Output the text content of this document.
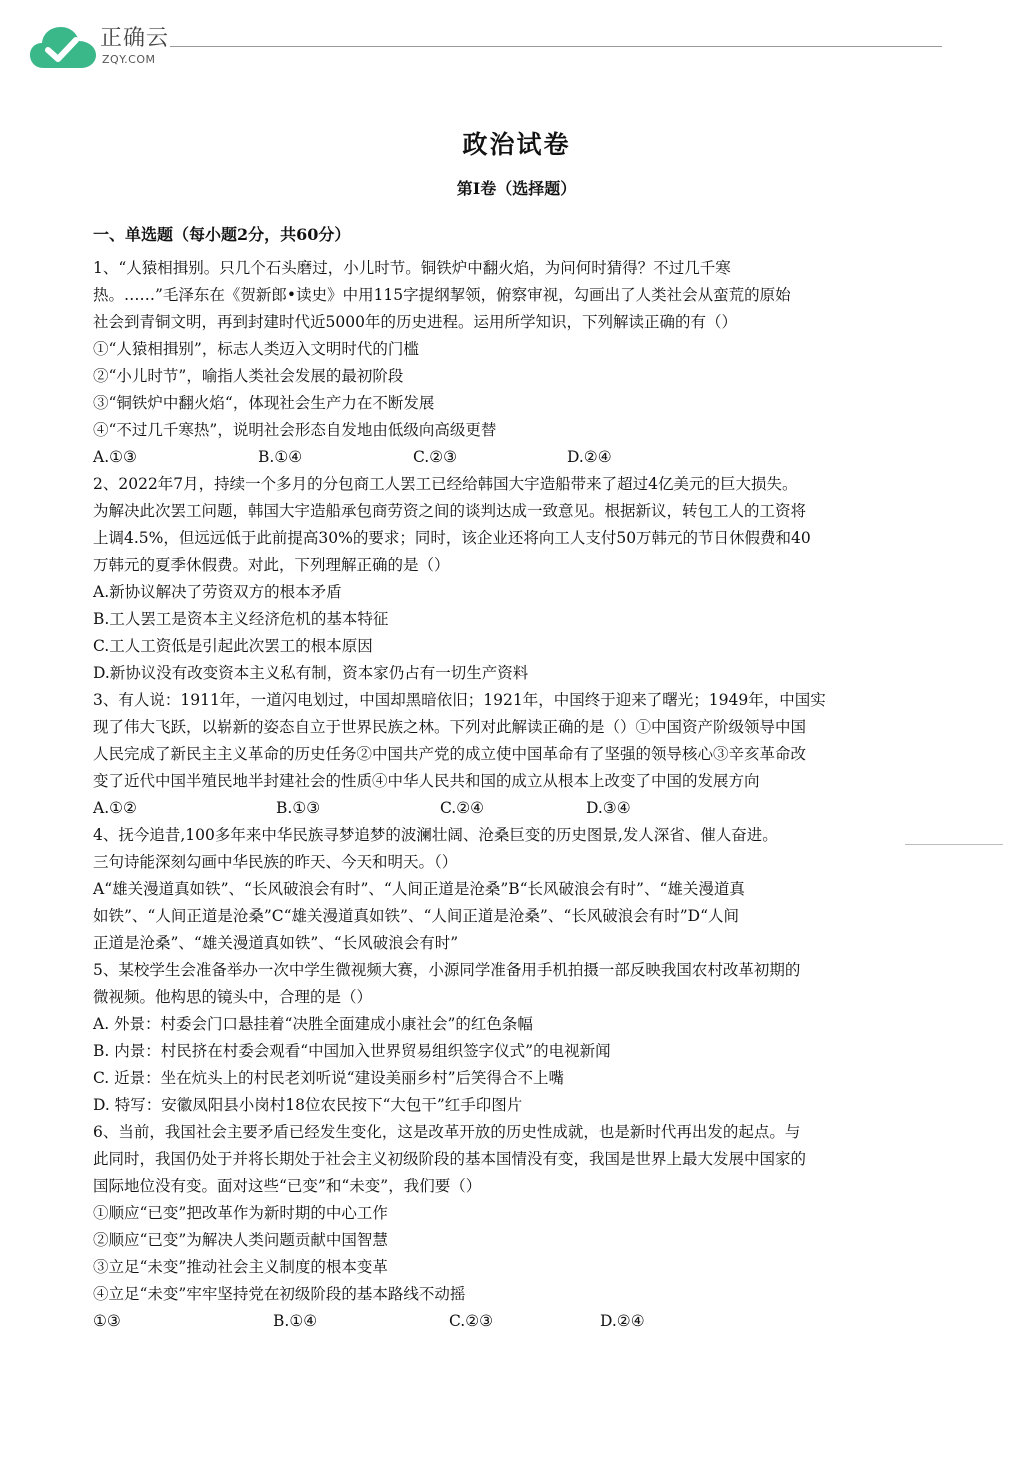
正确云
ZQY.COM
政治试卷
第Ⅰ卷（选择题）
一、单选题（每小题2分，共60分）
1、“人猿相揖别。只几个石头磨过，小儿时节。铜铁炉中翻火焰，为问何时猜得？不过几千寒
热。……”毛泽东在《贺新郎•读史》中用115字提纲挈领，俯察审视，勾画出了人类社会从蛮荒的原始
社会到青铜文明，再到封建时代近5000年的历史进程。运用所学知识，下列解读正确的有（）
①“人猿相揖别”，标志人类迈入文明时代的门槛
②“小儿时节”，喻指人类社会发展的最初阶段
③“铜铁炉中翻火焰“，体现社会生产力在不断发展
④“不过几千寒热”，说明社会形态自发地由低级向高级更替
A.①③	B.①④	C.②③	D.②④
2、2022年7月，持续一个多月的分包商工人罢工已经给韩国大宇造船带来了超过4亿美元的巨大损失。
为解决此次罢工问题，韩国大宇造船承包商劳资之间的谈判达成一致意见。根据新议，转包工人的工资将
上调4.5%，但远远低于此前提高30%的要求；同时，该企业还将向工人支付50万韩元的节日休假费和40
万韩元的夏季休假费。对此，下列理解正确的是（）
A.新协议解决了劳资双方的根本矛盾
B.工人罢工是资本主义经济危机的基本特征
C.工人工资低是引起此次罢工的根本原因
D.新协议没有改变资本主义私有制，资本家仍占有一切生产资料
3、有人说：1911年，一道闪电划过，中国却黑暗依旧；1921年，中国终于迎来了曙光；1949年，中国实
现了伟大飞跃，以崭新的姿态自立于世界民族之林。下列对此解读正确的是（）①中国资产阶级领导中国
人民完成了新民主主义革命的历史任务②中国共产党的成立使中国革命有了坚强的领导核心③辛亥革命改
变了近代中国半殖民地半封建社会的性质④中华人民共和国的成立从根本上改变了中国的发展方向
A.①②	B.①③	C.②④	D.③④
4、抚今追昔,100多年来中华民族寻梦追梦的波澜壮阔、沧桑巨变的历史图景,发人深省、催人奋进。
三句诗能深刻勾画中华民族的昨天、今天和明天。（）
A“雄关漫道真如铁”、“长风破浪会有时”、“人间正道是沧桑”B“长风破浪会有时”、“雄关漫道真
如铁”、“人间正道是沧桑”C“雄关漫道真如铁”、“人间正道是沧桑”、“长风破浪会有时”D“人间
正道是沧桑”、“雄关漫道真如铁”、“长风破浪会有时”
5、某校学生会准备举办一次中学生微视频大赛，小源同学准备用手机拍摄一部反映我国农村改革初期的
微视频。他构思的镜头中，合理的是（）
A. 外景：村委会门口悬挂着“决胜全面建成小康社会”的红色条幅
B. 内景：村民挤在村委会观看“中国加入世界贸易组织签字仪式”的电视新闻
C. 近景：坐在炕头上的村民老刘听说“建设美丽乡村”后笑得合不上嘴
D. 特写：安徽凤阳县小岗村18位农民按下“大包干”红手印图片
6、当前，我国社会主要矛盾已经发生变化，这是改革开放的历史性成就，也是新时代再出发的起点。与
此同时，我国仍处于并将长期处于社会主义初级阶段的基本国情没有变，我国是世界上最大发展中国家的
国际地位没有变。面对这些“已变”和“未变”，我们要（）
①顺应“已变”把改革作为新时期的中心工作
②顺应“已变”为解决人类问题贡献中国智慧
③立足“未变”推动社会主义制度的根本变革
④立足“未变”牢牢坚持党在初级阶段的基本路线不动摇
①③	B.①④	C.②③	D.②④
